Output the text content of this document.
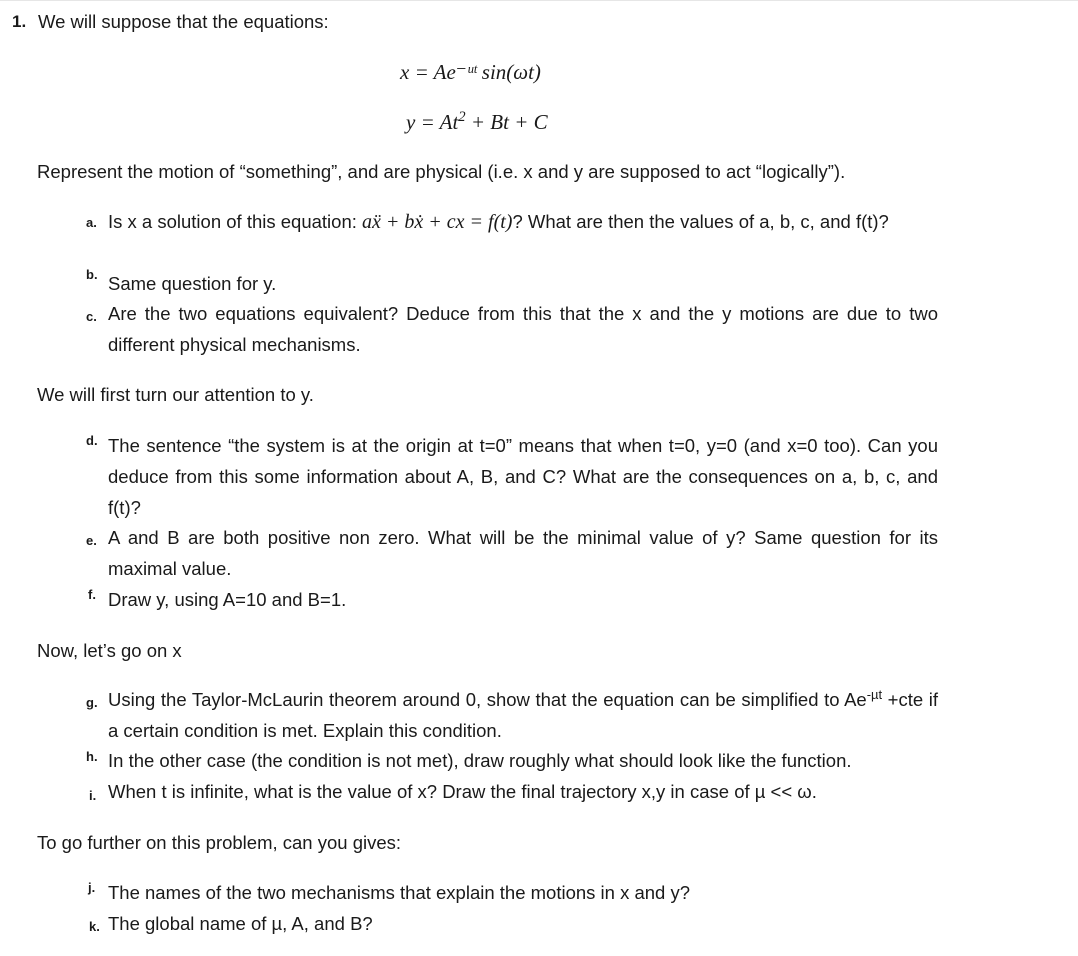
1. We will suppose that the equations:
x = Ae⁻ᵘᵗ sin(ωt)
$y = At^2 + Bt + C$
Represent the motion of “something”, and are physical (i.e. x and y are supposed to act “logically”).
a. Is x a solution of this equation: aẍ + bẋ + cx = f(t)? What are then the values of a, b, c, and f(t)?
b. Same question for y.
c. Are the two equations equivalent? Deduce from this that the x and the y motions are due to two different physical mechanisms.
We will first turn our attention to y.
d. The sentence “the system is at the origin at t=0” means that when t=0, y=0 (and x=0 too). Can you deduce from this some information about A, B, and C? What are the consequences on a, b, c, and f(t)?
e. A and B are both positive non zero. What will be the minimal value of y? Same question for its maximal value.
f. Draw y, using A=10 and B=1.
Now, let’s go on x
g. Using the Taylor-McLaurin theorem around 0, show that the equation can be simplified to $Ae^{-\mu t} +cte$ if a certain condition is met. Explain this condition.
h. In the other case (the condition is not met), draw roughly what should look like the function.
i. When t is infinite, what is the value of x? Draw the final trajectory x,y in case of µ << ω.
To go further on this problem, can you gives:
j. The names of the two mechanisms that explain the motions in x and y?
k. The global name of µ, A, and B?
